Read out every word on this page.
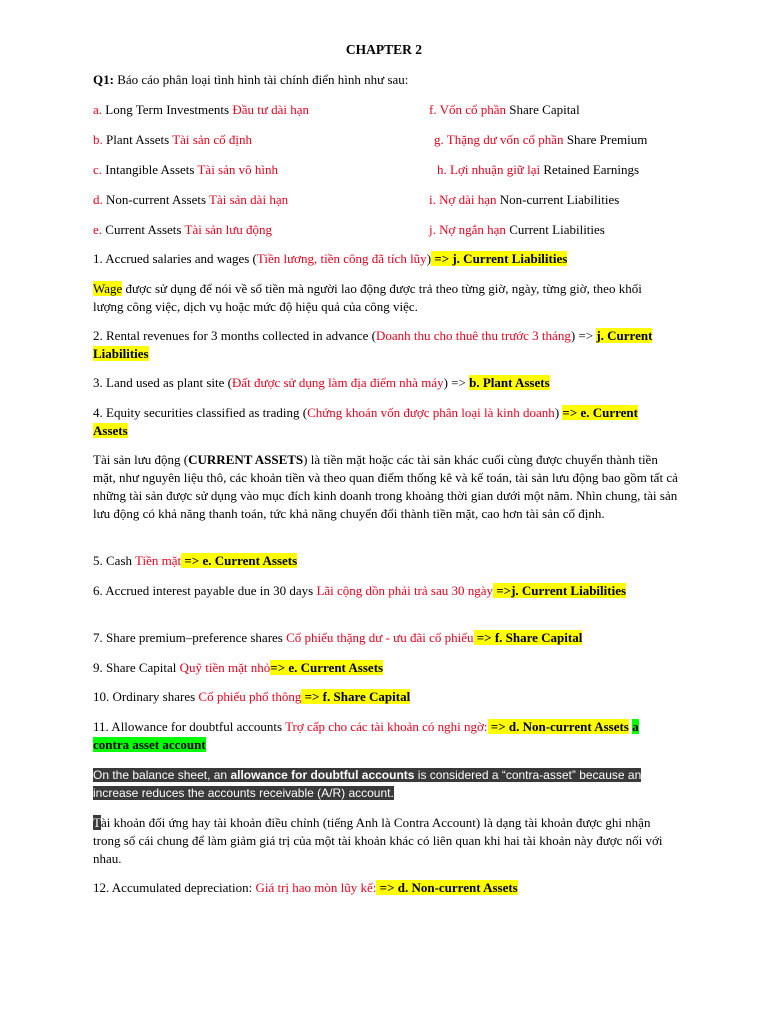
CHAPTER 2
Q1: Báo cáo phân loại tình hình tài chính điển hình như sau:
a. Long Term Investments Đầu tư dài hạn	f. Vốn cổ phần Share Capital
b. Plant Assets Tài sản cố định	g. Thặng dư vốn cổ phần Share Premium
c. Intangible Assets Tài sản vô hình	h. Lợi nhuận giữ lại Retained Earnings
d. Non-current Assets Tài sản dài hạn	i. Nợ dài hạn Non-current Liabilities
e. Current Assets Tài sản lưu động	j. Nợ ngắn hạn Current Liabilities
1. Accrued salaries and wages (Tiền lương, tiền công đã tích lũy) => j. Current Liabilities
Wage được sử dụng để nói về số tiền mà người lao động được trả theo từng giờ, ngày, từng giờ, theo khối lượng công việc, dịch vụ hoặc mức độ hiệu quả của công việc.
2. Rental revenues for 3 months collected in advance (Doanh thu cho thuê thu trước 3 tháng) => j. Current Liabilities
3. Land used as plant site (Đất được sử dụng làm địa điểm nhà máy) => b. Plant Assets
4. Equity securities classified as trading (Chứng khoán vốn được phân loại là kinh doanh) => e. Current Assets
Tài sản lưu động (CURRENT ASSETS) là tiền mặt hoặc các tài sản khác cuối cùng được chuyển thành tiền mặt, như nguyên liệu thô, các khoản tiền và theo quan điểm thống kê và kế toán, tài sản lưu động bao gồm tất cả những tài sản được sử dụng vào mục đích kinh doanh trong khoảng thời gian dưới một năm. Nhìn chung, tài sản lưu động có khả năng thanh toán, tức khả năng chuyển đổi thành tiền mặt, cao hơn tài sản cố định.
5. Cash Tiền mặt => e. Current Assets
6. Accrued interest payable due in 30 days Lãi cộng dồn phải trả sau 30 ngày =>j. Current Liabilities
7. Share premium–preference shares Cổ phiếu thặng dư - ưu đãi cổ phiếu => f. Share Capital
9. Share Capital Quỹ tiền mặt nhỏ=> e. Current Assets
10. Ordinary shares Cổ phiếu phổ thông => f. Share Capital
11. Allowance for doubtful accounts Trợ cấp cho các tài khoản có nghi ngờ: => d. Non-current Assets a contra asset account
On the balance sheet, an allowance for doubtful accounts is considered a “contra-asset” because an increase reduces the accounts receivable (A/R) account.
Tài khoản đối ứng hay tài khoản điều chỉnh (tiếng Anh là Contra Account) là dạng tài khoản được ghi nhận trong sổ cái chung để làm giảm giá trị của một tài khoản khác có liên quan khi hai tài khoản này được nối với nhau.
12. Accumulated depreciation: Giá trị hao mòn lũy kế: => d. Non-current Assets
